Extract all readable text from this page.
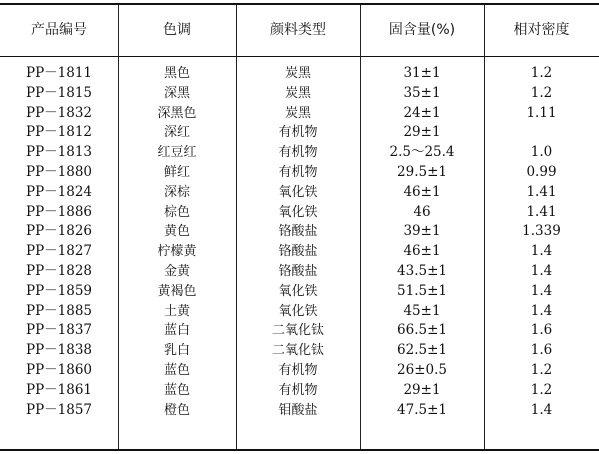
产品编号	色调	颜料类型	固含量(%)	相对密度
PP－1811	黑色	炭黑	31±1	1.2
PP－1815	深黑	炭黑	35±1	1.2
PP－1832	深黑色	炭黑	24±1	1.11
PP－1812	深红	有机物	29±1
PP－1813	红豆红	有机物	2.5～25.4	1.0
PP－1880	鲜红	有机物	29.5±1	0.99
PP－1824	深棕	氧化铁	46±1	1.41
PP－1886	棕色	氧化铁	46	1.41
PP－1826	黄色	铬酸盐	39±1	1.339
PP－1827	柠檬黄	铬酸盐	46±1	1.4
PP－1828	金黄	铬酸盐	43.5±1	1.4
PP－1859	黄褐色	氧化铁	51.5±1	1.4
PP－1885	土黄	氧化铁	45±1	1.4
PP－1837	蓝白	二氧化钛	66.5±1	1.6
PP－1838	乳白	二氧化钛	62.5±1	1.6
PP－1860	蓝色	有机物	26±0.5	1.2
PP－1861	蓝色	有机物	29±1	1.2
PP－1857	橙色	钼酸盐	47.5±1	1.4
